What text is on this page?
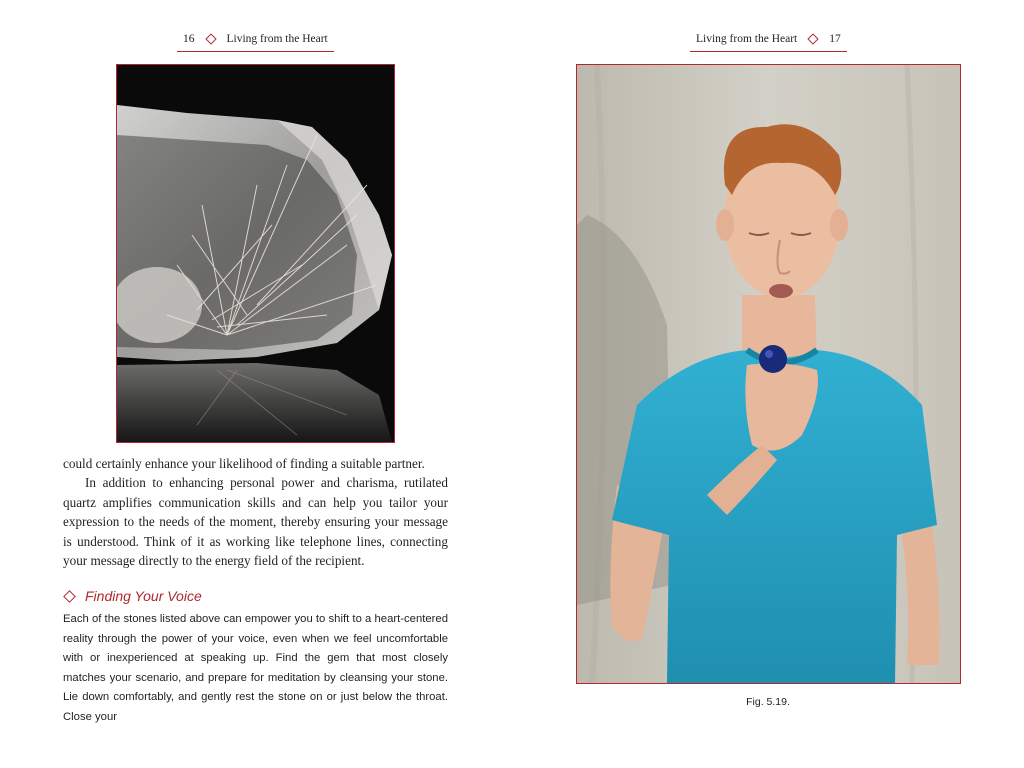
16	Living from the Heart

could certainly enhance your likelihood of finding a suitable partner.

In addition to enhancing personal power and charisma, rutilated quartz amplifies communication skills and can help you tailor your expression to the needs of the moment, thereby ensuring your message is understood. Think of it as working like telephone lines, connecting your message directly to the energy field of the recipient.

Finding Your Voice
Each of the stones listed above can empower you to shift to a heart-centered reality through the power of your voice, even when we feel uncomfortable with or inexperienced at speaking up. Find the gem that most closely matches your scenario, and prepare for meditation by cleansing your stone. Lie down comfortably, and gently rest the stone on or just below the throat. Close your
Living from the Heart	17
Fig. 5.19.
